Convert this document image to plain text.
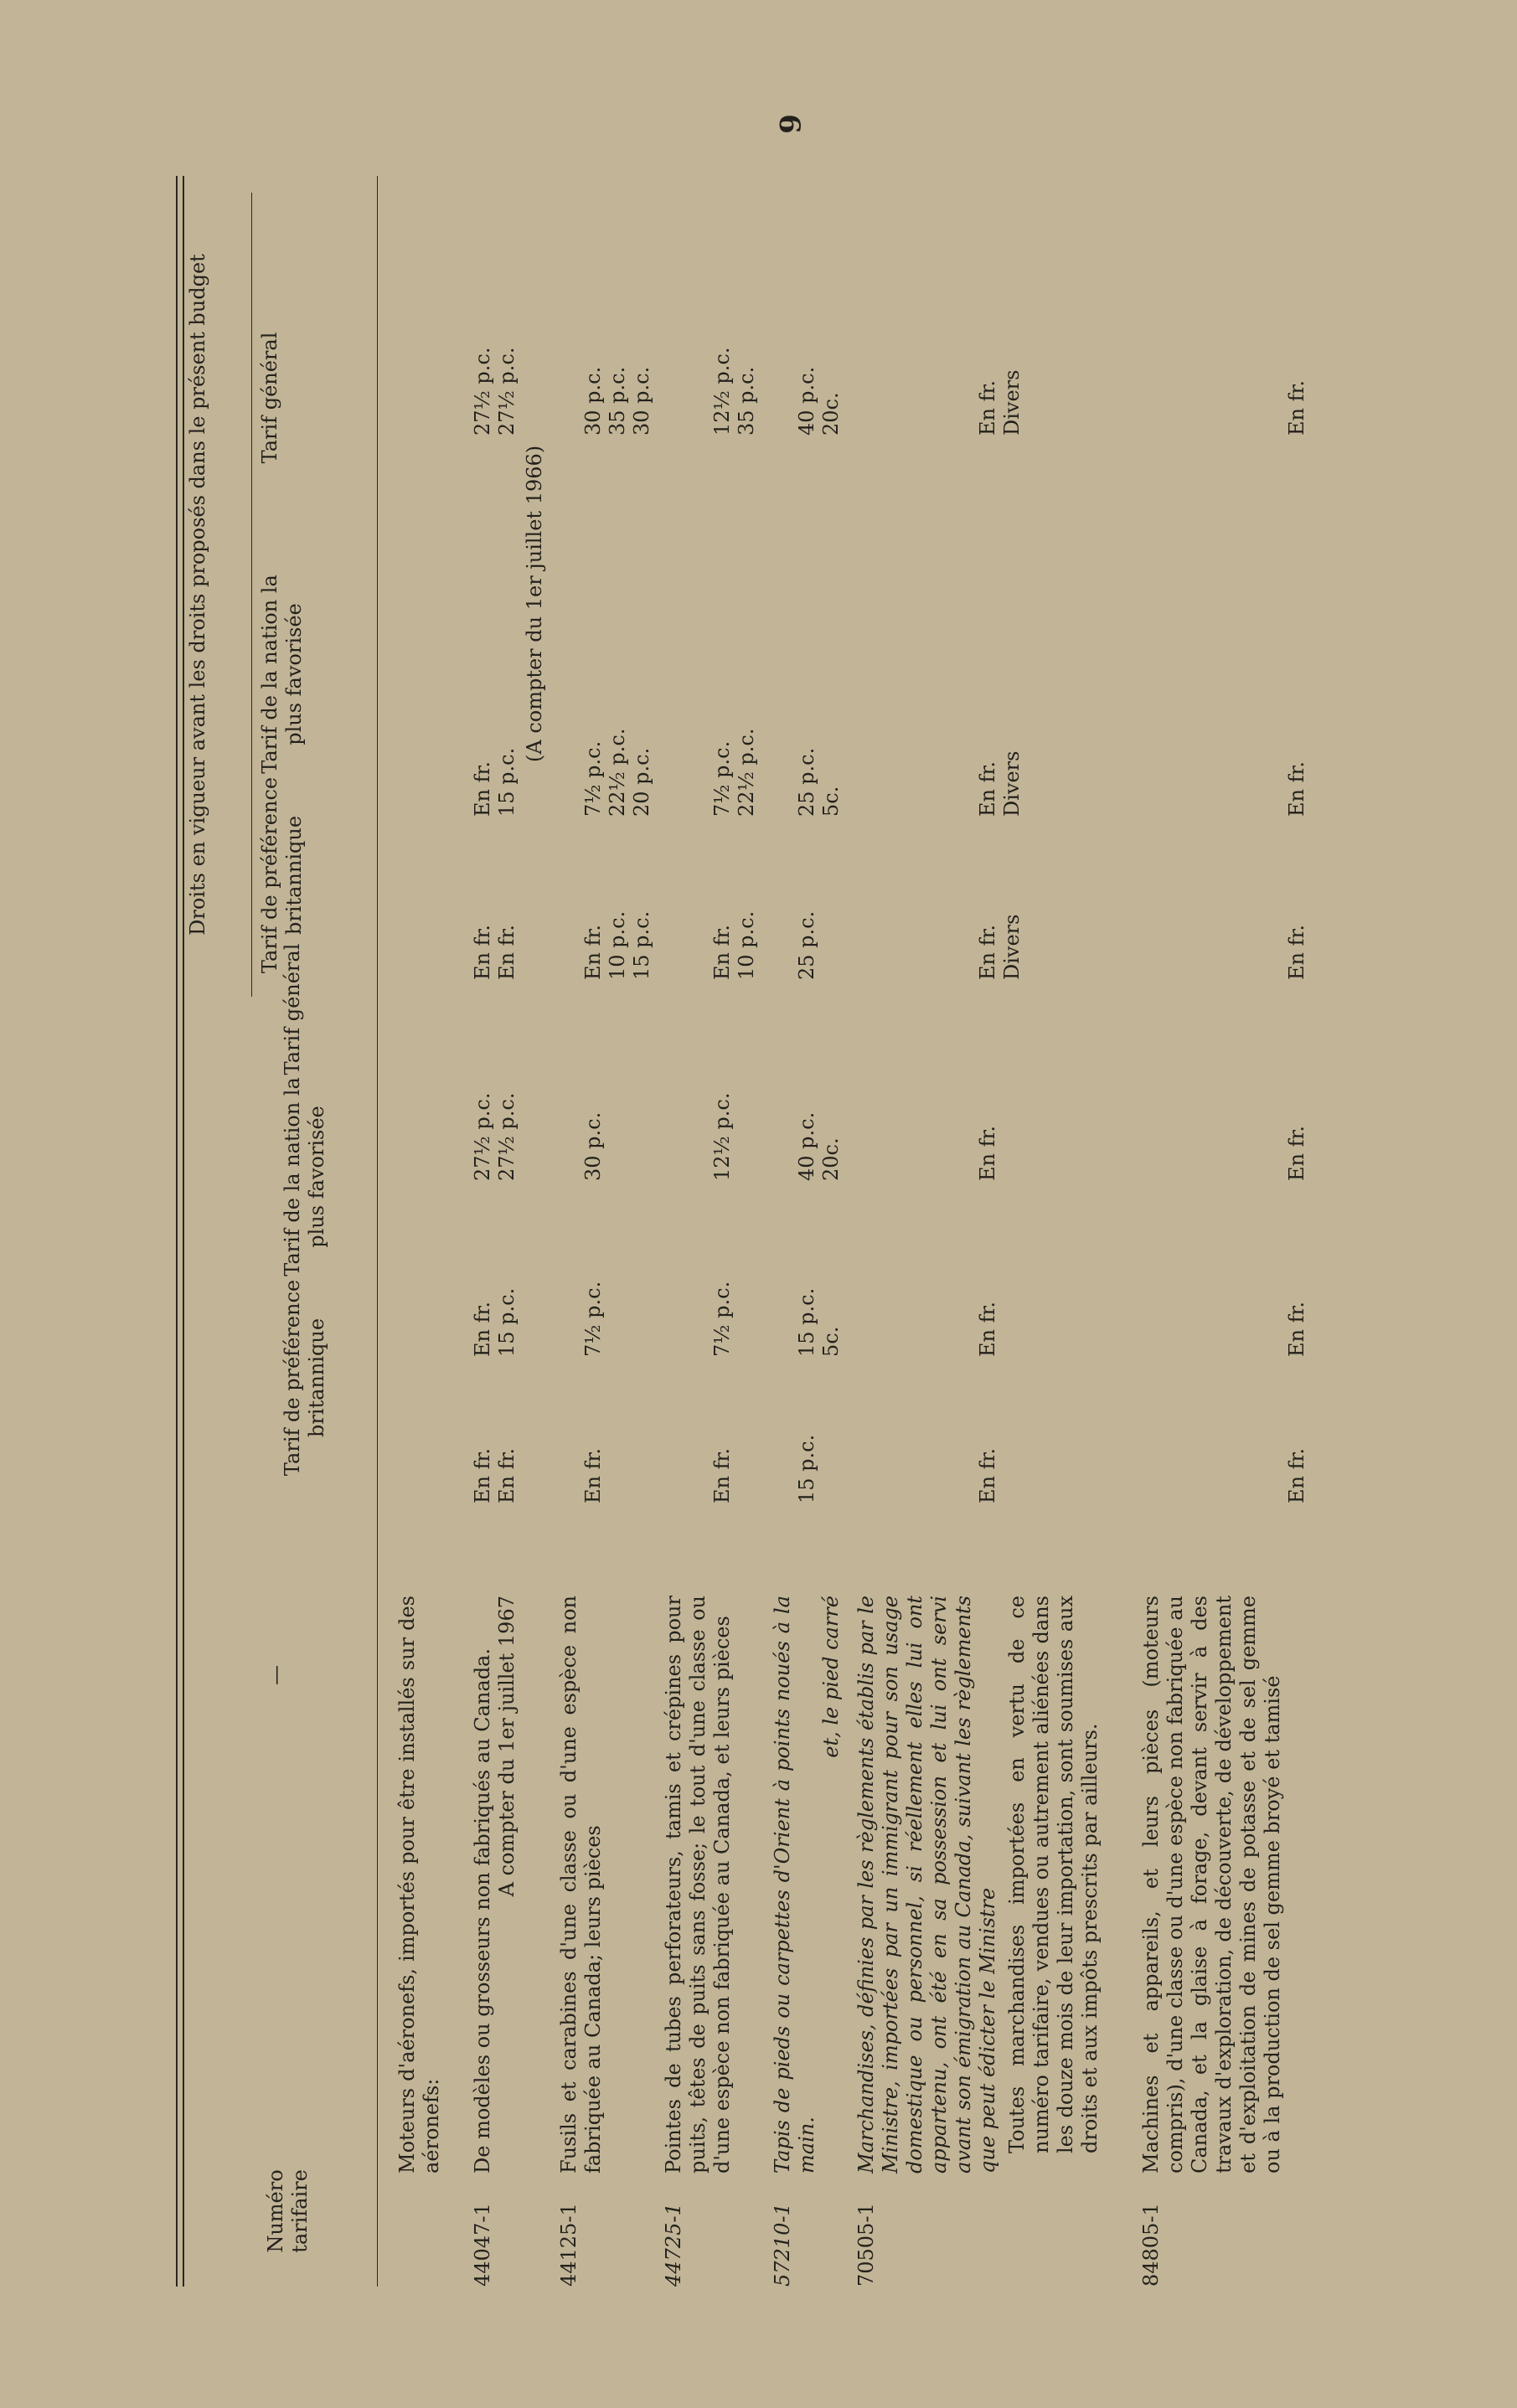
6
Numéro tarifaire
—
Tarif de préférence britannique
Tarif de la nation la plus favorisée
Tarif général
Droits en vigueur avant les droits proposés dans le présent budget Tarif de préférence britannique
Tarif de la nation la plus favorisée
Tarif général
Moteurs d'aéronefs, importés pour être installés sur des aéronefs:
44047-1

De modèles ou grosseurs non fabriqués au Canada. A compter du 1er juillet 1967

En fr. En fr.
En fr. 15 p.c.
27½ p.c. 27½ p.c.
En fr. En fr.
En fr. 15 p.c.
27½ p.c. 27½ p.c.
(A compter du 1er juillet 1966)
44125-1
Fusils et carabines d'une classe ou d'une espèce non fabriquée au Canada; leurs pièces
En fr.
7½ p.c.
30 p.c.
En fr.
7½ p.c.
30 p.c.
10 p.c.
22½ p.c.
35 p.c.
15 p.c.
20 p.c.
30 p.c.
44725-1
Pointes de tubes perforateurs, tamis et crépines pour puits, têtes de puits sans fosse; le tout d'une classe ou d'une espèce non fabriquée au Canada, et leurs pièces
En fr.
7½ p.c.
12½ p.c.
En fr.
7½ p.c.
12½ p.c.
10 p.c.
22½ p.c.
35 p.c.
57210-1

Tapis de pieds ou carpettes d'Orient à points noués à la main.

et, le pied carré

15 p.c.
15 p.c. 5c.
40 p.c. 20c.
25 p.c.
25 p.c. 5c.
40 p.c. 20c.
70505-1

Marchandises, définies par les règlements établis par le Ministre, importées par un immigrant pour son usage domestique ou personnel, si réellement elles lui ont appartenu, ont été en sa possession et lui ont servi avant son émigration au Canada, suivant les règlements que peut édicter le Ministre Toutes marchandises importées en vertu de ce numéro tarifaire, vendues ou autrement aliénées dans les douze mois de leur importation, sont soumises aux droits et aux impôts prescrits par ailleurs.

En fr.
En fr.
En fr.
En fr.
En fr.
En fr.
Divers
Divers
Divers
84805-1
Machines et appareils, et leurs pièces (moteurs compris), d'une classe ou d'une espèce non fabriquée au Canada, et la glaise à forage, devant servir à des travaux d'exploration, de découverte, de développement et d'exploitation de mines de potasse et de sel gemme ou à la production de sel gemme broyé et tamisé
En fr.
En fr.
En fr.
En fr.
En fr.
En fr.
